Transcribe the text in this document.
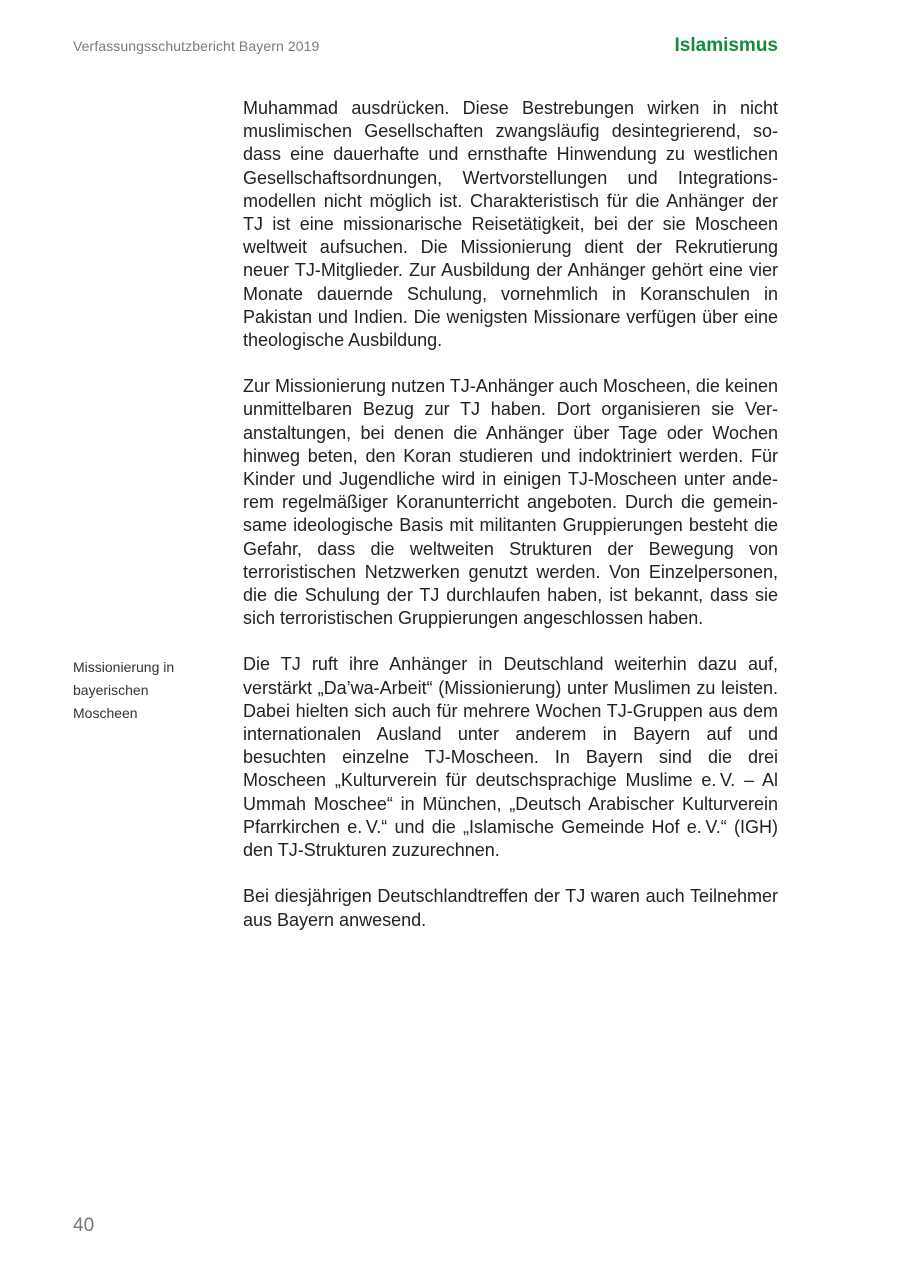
Verfassungsschutzbericht Bayern 2019	Islamismus
Missionierung in bayerischen Moscheen

Muhammad ausdrücken. Diese Bestrebungen wirken in nicht muslimischen Gesellschaften zwangsläufig desintegrierend, sodass eine dauerhafte und ernsthafte Hinwendung zu westlichen Gesellschaftsordnungen, Wertvorstellungen und Integrationsmodellen nicht möglich ist. Charakteristisch für die Anhänger der TJ ist eine missionarische Reisetätigkeit, bei der sie Moscheen weltweit aufsuchen. Die Missionierung dient der Rekrutierung neuer TJ-Mitglieder. Zur Ausbildung der Anhänger gehört eine vier Monate dauernde Schulung, vornehmlich in Koranschulen in Pakistan und Indien. Die wenigsten Missionare verfügen über eine theologische Ausbildung.

Zur Missionierung nutzen TJ-Anhänger auch Moscheen, die keinen unmittelbaren Bezug zur TJ haben. Dort organisieren sie Veranstaltungen, bei denen die Anhänger über Tage oder Wochen hinweg beten, den Koran studieren und indoktriniert werden. Für Kinder und Jugendliche wird in einigen TJ-Moscheen unter anderem regelmäßiger Koranunterricht angeboten. Durch die gemeinsame ideologische Basis mit militanten Gruppierungen besteht die Gefahr, dass die weltweiten Strukturen der Bewegung von terroristischen Netzwerken genutzt werden. Von Einzelpersonen, die die Schulung der TJ durchlaufen haben, ist bekannt, dass sie sich terroristischen Gruppierungen angeschlossen haben.

Die TJ ruft ihre Anhänger in Deutschland weiterhin dazu auf, verstärkt „Da’wa-Arbeit“ (Missionierung) unter Muslimen zu leisten. Dabei hielten sich auch für mehrere Wochen TJ-Gruppen aus dem internationalen Ausland unter anderem in Bayern auf und besuchten einzelne TJ-Moscheen. In Bayern sind die drei Moscheen „Kulturverein für deutschsprachige Muslime e. V. – Al Ummah Moschee“ in München, „Deutsch Arabischer Kulturverein Pfarrkirchen e. V.“ und die „Islamische Gemeinde Hof e. V.“ (IGH) den TJ-Strukturen zuzurechnen.

Bei diesjährigen Deutschlandtreffen der TJ waren auch Teilnehmer aus Bayern anwesend.

40
